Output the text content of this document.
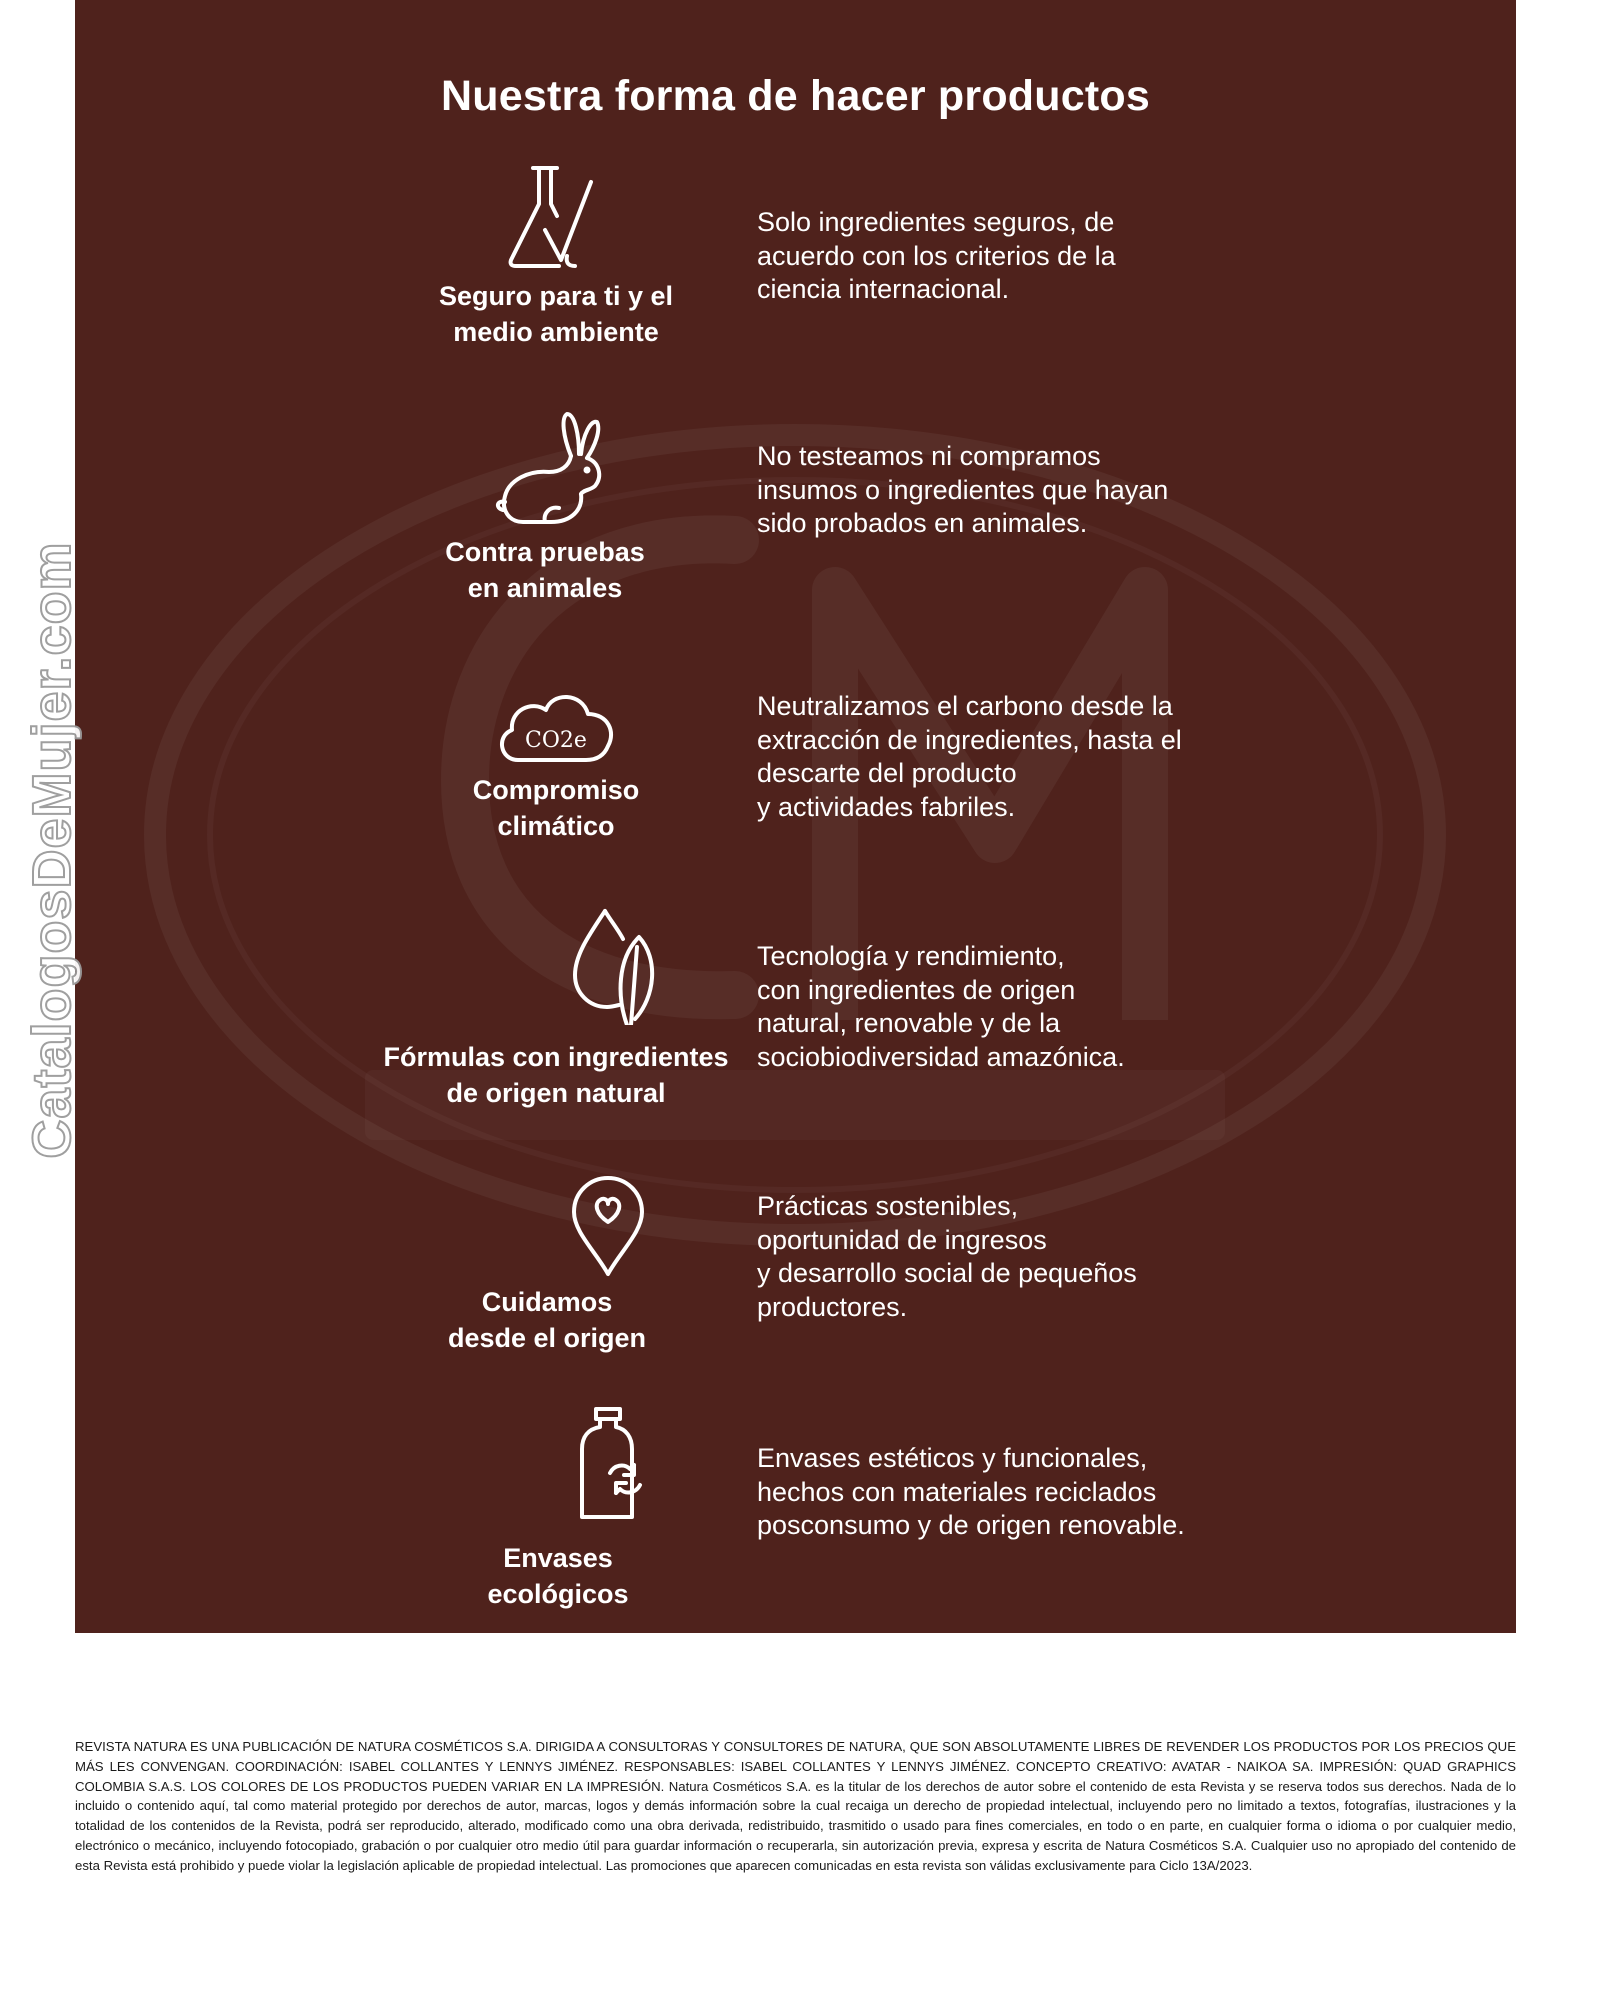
Nuestra forma de hacer productos
Seguro para ti y el
medio ambiente
Solo ingredientes seguros, de
acuerdo con los criterios de la
ciencia internacional.
Contra pruebas
en animales
No testeamos ni compramos
insumos o ingredientes que hayan
sido probados en animales.
CO2e
Compromiso
climático
Neutralizamos el carbono desde la
extracción de ingredientes, hasta el
descarte del producto
y actividades fabriles.
Fórmulas con ingredientes
de origen natural
Tecnología y rendimiento,
con ingredientes de origen
natural, renovable y de la
sociobiodiversidad amazónica.
Cuidamos
desde el origen
Prácticas sostenibles,
oportunidad de ingresos
y desarrollo social de pequeños
productores.
Envases
ecológicos
Envases estéticos y funcionales,
hechos con materiales reciclados
posconsumo y de origen renovable.
CatalogosDeMujer.com
REVISTA NATURA ES UNA PUBLICACIÓN DE NATURA COSMÉTICOS S.A. DIRIGIDA A CONSULTORAS Y CONSULTORES DE NATURA, QUE SON ABSOLUTAMENTE LIBRES DE REVENDER LOS PRODUCTOS POR LOS PRECIOS QUE MÁS LES CONVENGAN. COORDINACIÓN: ISABEL COLLANTES Y LENNYS JIMÉNEZ. RESPONSABLES: ISABEL COLLANTES Y LENNYS JIMÉNEZ. CONCEPTO CREATIVO: AVATAR - NAIKOA SA. IMPRESIÓN: QUAD GRAPHICS COLOMBIA S.A.S. LOS COLORES DE LOS PRODUCTOS PUEDEN VARIAR EN LA IMPRESIÓN. Natura Cosméticos S.A. es la titular de los derechos de autor sobre el contenido de esta Revista y se reserva todos sus derechos. Nada de lo incluido o contenido aquí, tal como material protegido por derechos de autor, marcas, logos y demás información sobre la cual recaiga un derecho de propiedad intelectual, incluyendo pero no limitado a textos, fotografías, ilustraciones y la totalidad de los contenidos de la Revista, podrá ser reproducido, alterado, modificado como una obra derivada, redistribuido, trasmitido o usado para fines comerciales, en todo o en parte, en cualquier forma o idioma o por cualquier medio, electrónico o mecánico, incluyendo fotocopiado, grabación o por cualquier otro medio útil para guardar información o recuperarla, sin autorización previa, expresa y escrita de Natura Cosméticos S.A. Cualquier uso no apropiado del contenido de esta Revista está prohibido y puede violar la legislación aplicable de propiedad intelectual. Las promociones que aparecen comunicadas en esta revista son válidas exclusivamente para Ciclo 13A/2023.
